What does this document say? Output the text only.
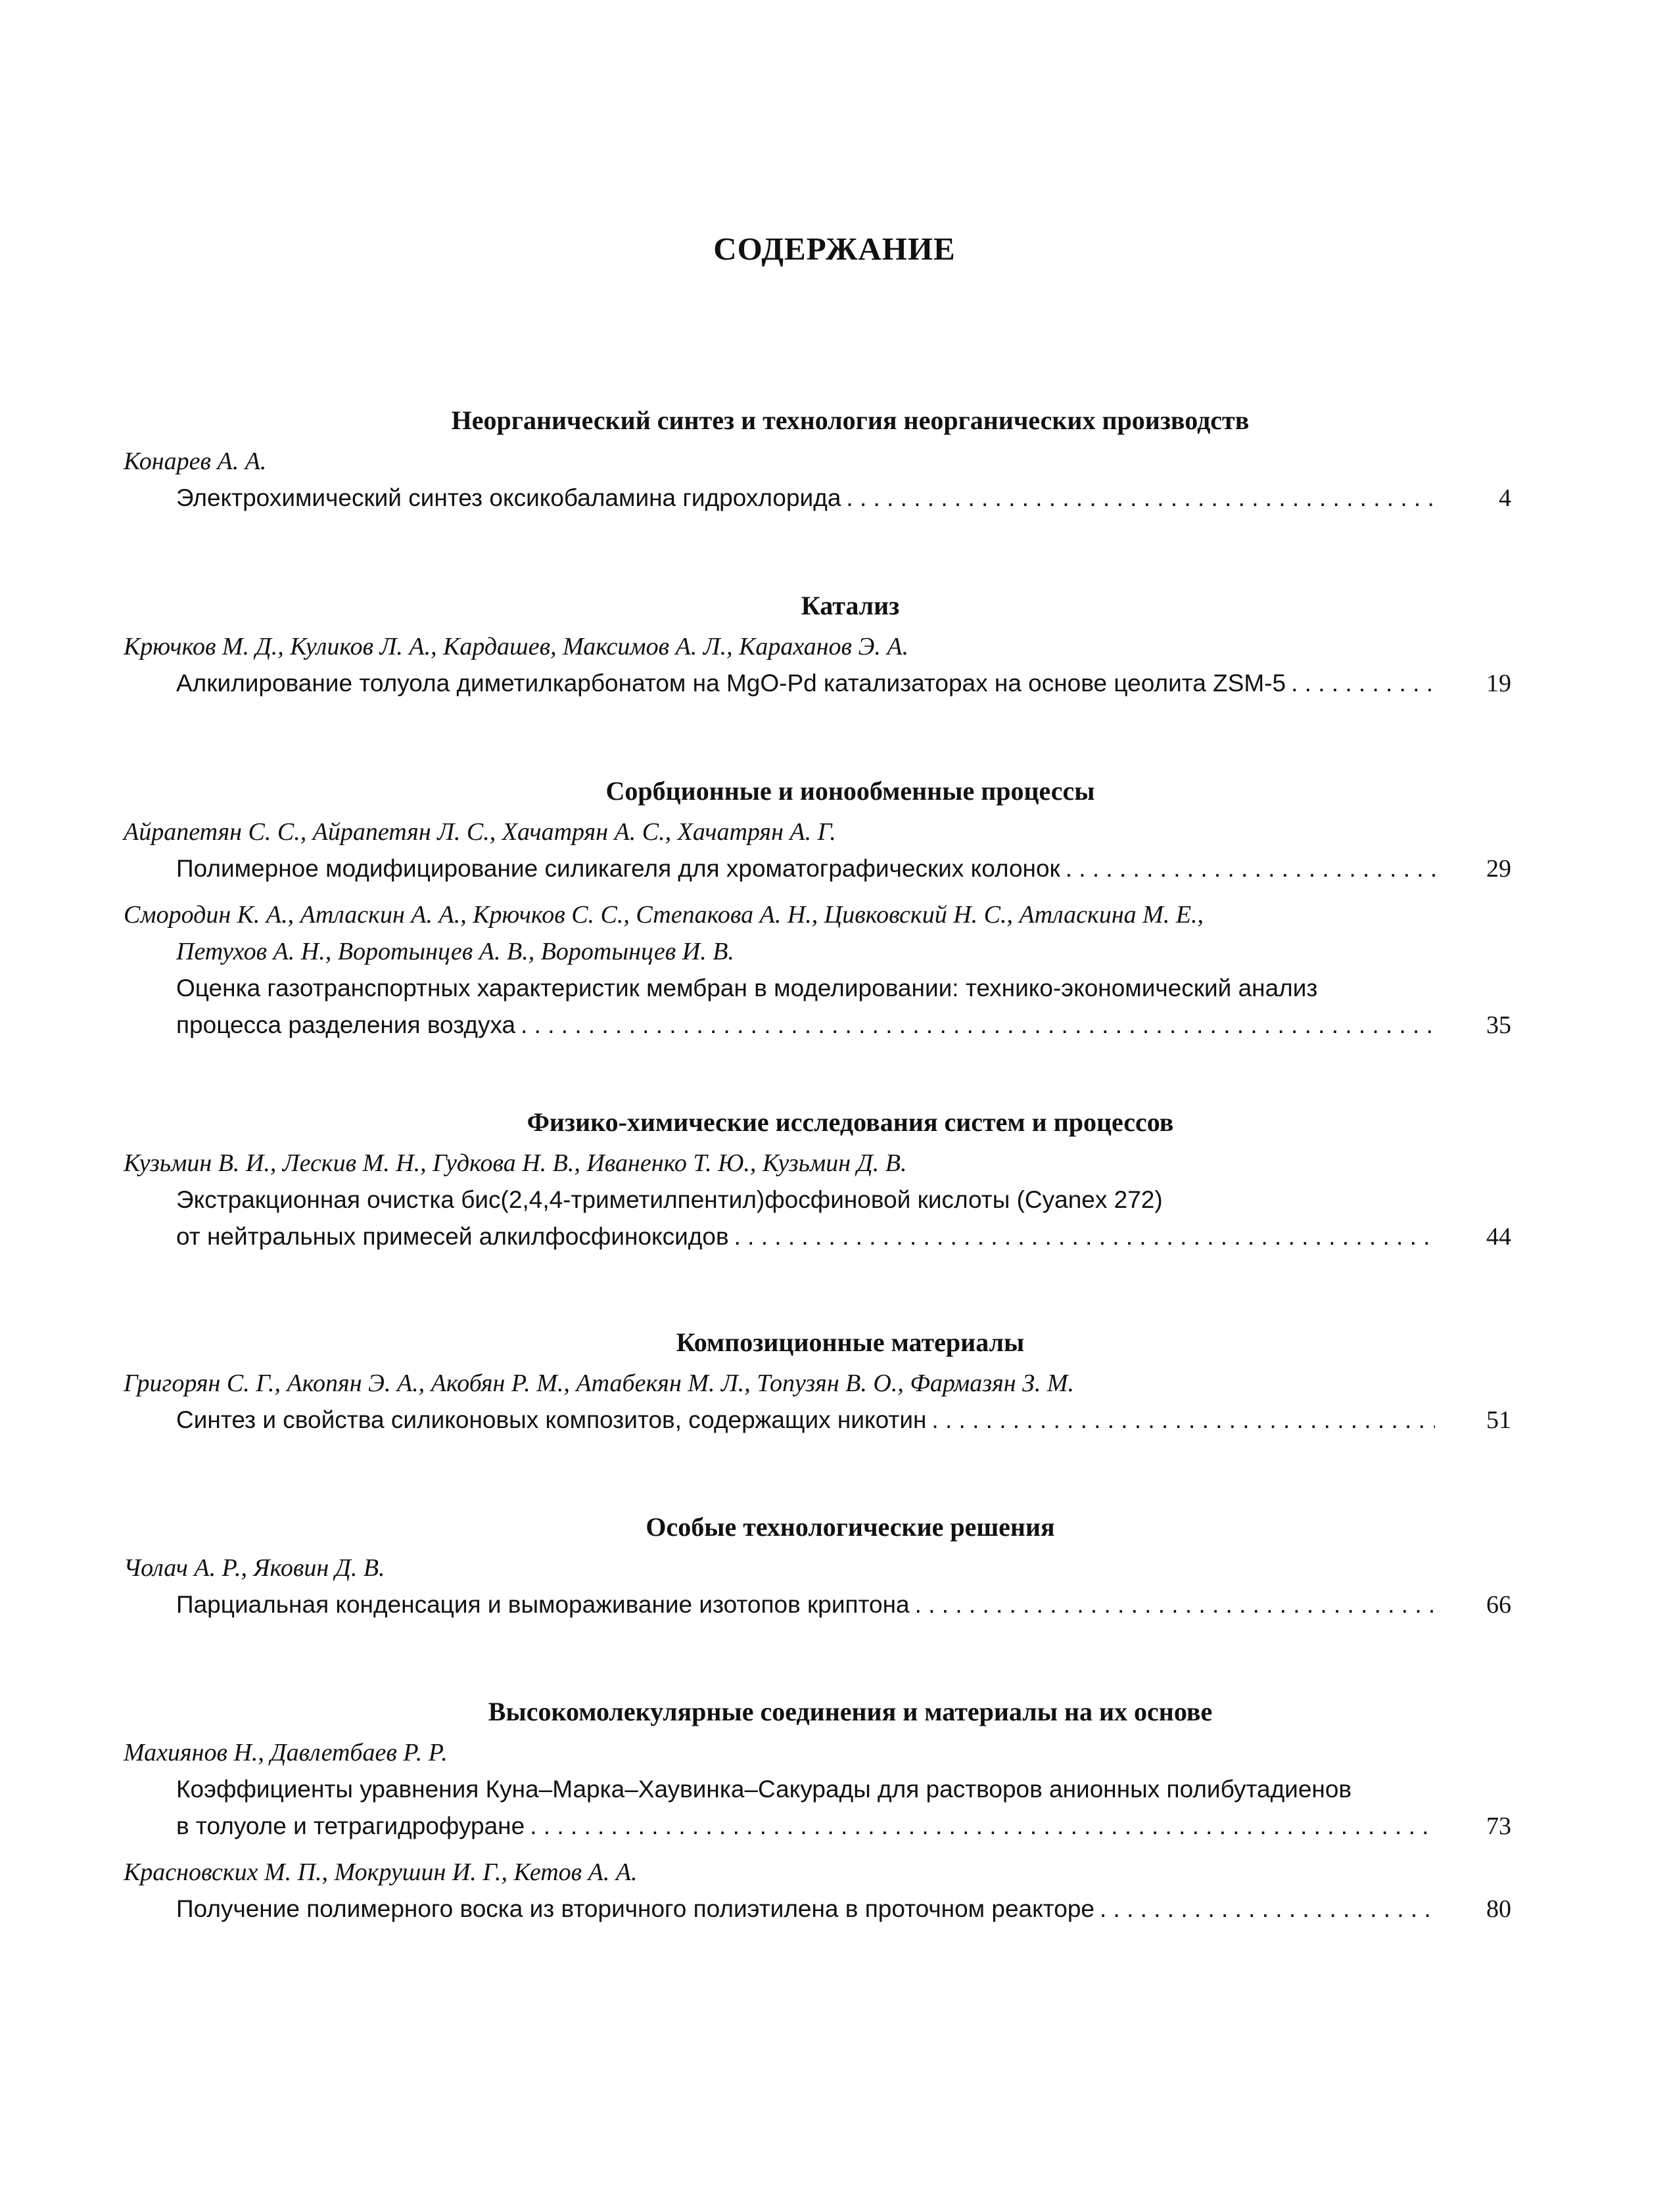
СОДЕРЖАНИЕ
Неорганический синтез и технология неорганических производств
Конарев А. А.
Электрохимический синтез оксикобаламина гидрохлорида . . .	4
Катализ
Крючков М. Д., Куликов Л. А., Кардашев, Максимов А. Л., Караханов Э. А.
Алкилирование толуола диметилкарбонатом на MgO-Pd катализаторах на основе цеолита ZSM-5 . . .	19
Сорбционные и ионообменные процессы
Айрапетян С. С., Айрапетян Л. С., Хачатрян А. С., Хачатрян А. Г.
Полимерное модифицирование силикагеля для хроматографических колонок . . .	29
Смородин К. А., Атласкин А. А., Крючков С. С., Степакова А. Н., Цивковский Н. С., Атласкина М. Е.,
Петухов А. Н., Воротынцев А. В., Воротынцев И. В.
Оценка газотранспортных характеристик мембран в моделировании: технико-экономический анализ
процесса разделения воздуха . . .	35
Физико-химические исследования систем и процессов
Кузьмин В. И., Лескив М. Н., Гудкова Н. В., Иваненко Т. Ю., Кузьмин Д. В.
Экстракционная очистка бис(2,4,4-триметилпентил)фосфиновой кислоты (Cyanex 272)
от нейтральных примесей алкилфосфиноксидов . . .	44
Композиционные материалы
Григорян С. Г., Акопян Э. А., Акобян Р. М., Атабекян М. Л., Топузян В. О., Фармазян З. М.
Синтез и свойства силиконовых композитов, содержащих никотин . . .	51
Особые технологические решения
Чолач А. Р., Яковин Д. В.
Парциальная конденсация и вымораживание изотопов криптона . . .	66
Высокомолекулярные соединения и материалы на их основе
Махиянов Н., Давлетбаев Р. Р.
Коэффициенты уравнения Куна–Марка–Хаувинка–Сакурады для растворов анионных полибутадиенов
в толуоле и тетрагидрофуране . . .	73
Красновских М. П., Мокрушин И. Г., Кетов А. А.
Получение полимерного воска из вторичного полиэтилена в проточном реакторе . . .	80
